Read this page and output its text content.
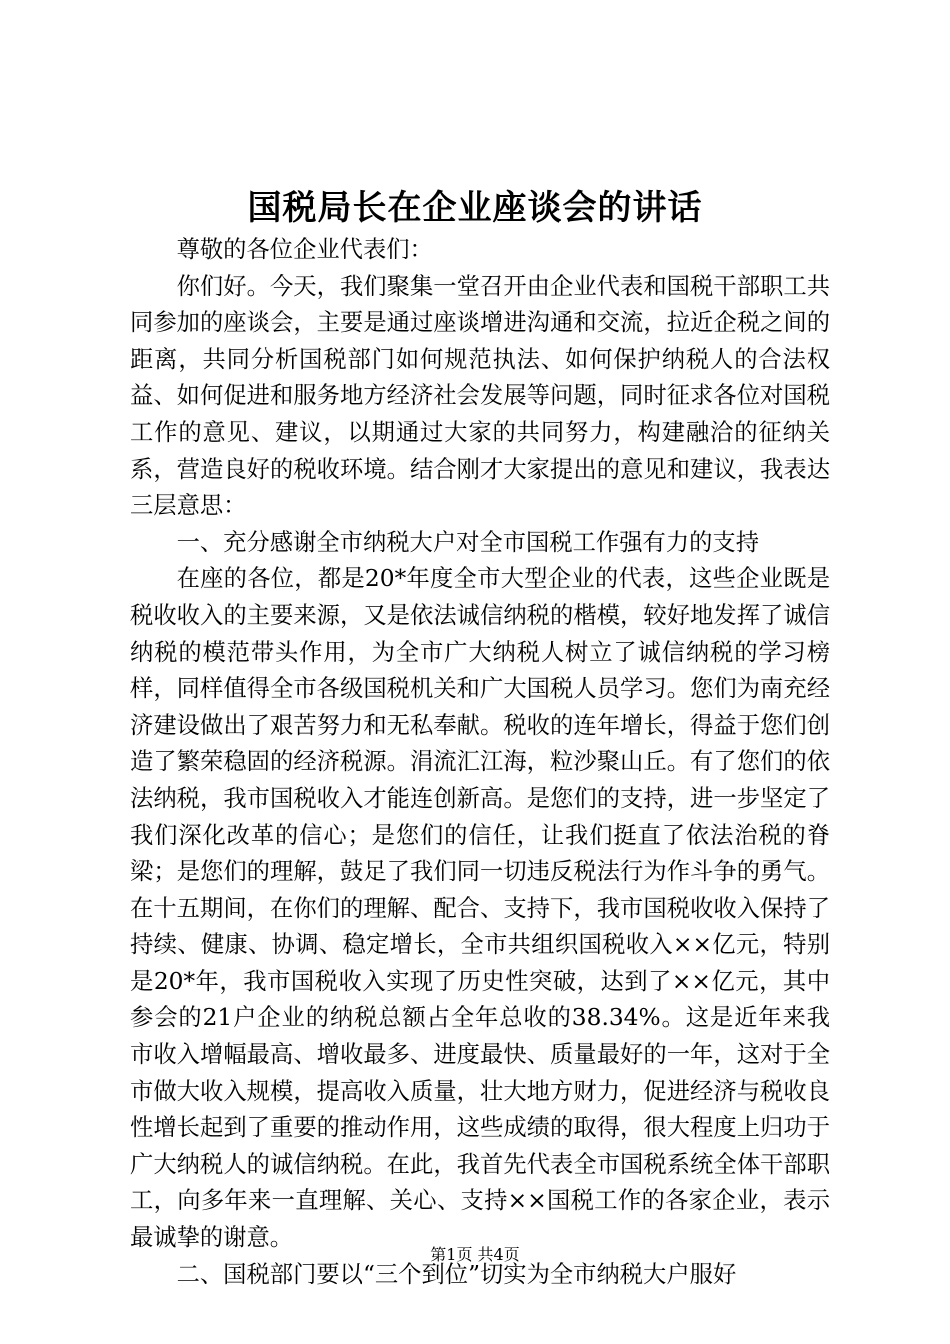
国税局长在企业座谈会的讲话

尊敬的各位企业代表们：

你们好。今天，我们聚集一堂召开由企业代表和国税干部职工共同参加的座谈会，主要是通过座谈增进沟通和交流，拉近企税之间的距离，共同分析国税部门如何规范执法、如何保护纳税人的合法权益、如何促进和服务地方经济社会发展等问题，同时征求各位对国税工作的意见、建议，以期通过大家的共同努力，构建融洽的征纳关系，营造良好的税收环境。结合刚才大家提出的意见和建议，我表达三层意思：

一、充分感谢全市纳税大户对全市国税工作强有力的支持

在座的各位，都是20*年度全市大型企业的代表，这些企业既是税收收入的主要来源，又是依法诚信纳税的楷模，较好地发挥了诚信纳税的模范带头作用，为全市广大纳税人树立了诚信纳税的学习榜样，同样值得全市各级国税机关和广大国税人员学习。您们为南充经济建设做出了艰苦努力和无私奉献。税收的连年增长，得益于您们创造了繁荣稳固的经济税源。涓流汇江海，粒沙聚山丘。有了您们的依法纳税，我市国税收入才能连创新高。是您们的支持，进一步坚定了我们深化改革的信心；是您们的信任，让我们挺直了依法治税的脊梁；是您们的理解，鼓足了我们同一切违反税法行为作斗争的勇气。在十五期间，在你们的理解、配合、支持下，我市国税收收入保持了持续、健康、协调、稳定增长，全市共组织国税收入××亿元，特别是20*年，我市国税收入实现了历史性突破，达到了××亿元，其中参会的21户企业的纳税总额占全年总收的38.34%。这是近年来我市收入增幅最高、增收最多、进度最快、质量最好的一年，这对于全市做大收入规模，提高收入质量，壮大地方财力，促进经济与税收良性增长起到了重要的推动作用，这些成绩的取得，很大程度上归功于广大纳税人的诚信纳税。在此，我首先代表全市国税系统全体干部职工，向多年来一直理解、关心、支持××国税工作的各家企业，表示最诚挚的谢意。

二、国税部门要以“三个到位”切实为全市纳税大户服好

第1页 共4页
